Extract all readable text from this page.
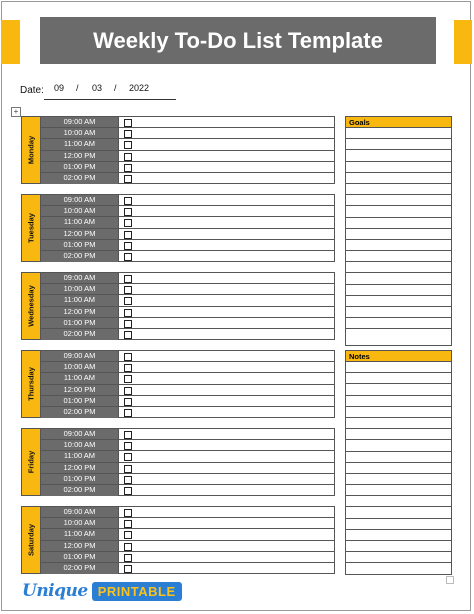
Weekly To-Do List Template
Date: 09 / 03 / 2022
+
Monday
09:00 AM
10:00 AM
11:00 AM
12:00 PM
01:00 PM
02:00 PM
Tuesday
09:00 AM
10:00 AM
11:00 AM
12:00 PM
01:00 PM
02:00 PM
Wednesday
09:00 AM
10:00 AM
11:00 AM
12:00 PM
01:00 PM
02:00 PM
Thursday
09:00 AM
10:00 AM
11:00 AM
12:00 PM
01:00 PM
02:00 PM
Friday
09:00 AM
10:00 AM
11:00 AM
12:00 PM
01:00 PM
02:00 PM
Saturday
09:00 AM
10:00 AM
11:00 AM
12:00 PM
01:00 PM
02:00 PM
Goals
Notes
Unique PRINTABLE
